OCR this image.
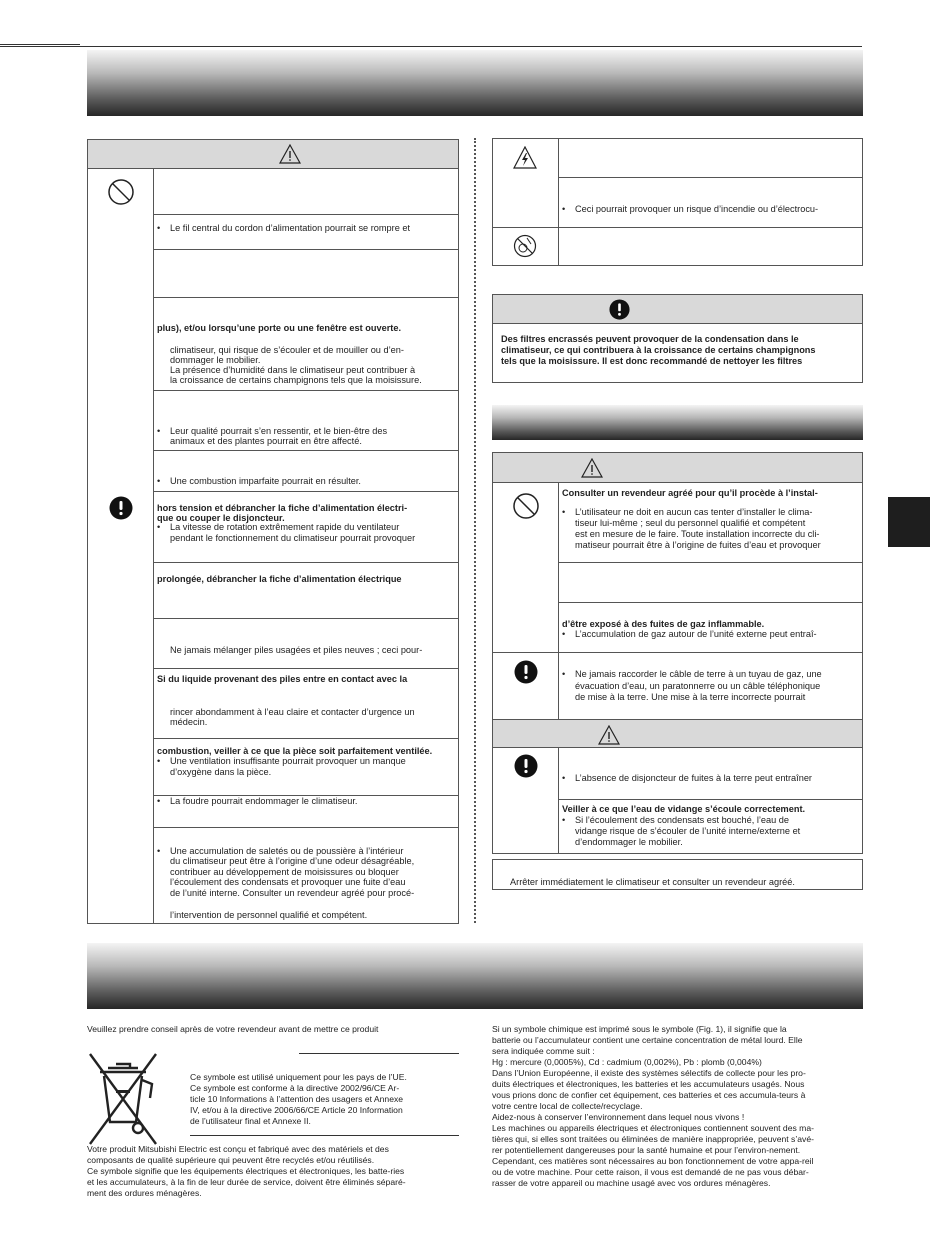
• Le fil central du cordon d’alimentation pourrait se rompre et
plus), et/ou lorsqu’une porte ou une fenêtre est ouverte.
climatiseur, qui risque de s’écouler et de mouiller ou d’en-
dommager le mobilier.
La présence d’humidité dans le climatiseur peut contribuer à
la croissance de certains champignons tels que la moisissure.
• Leur qualité pourrait s’en ressentir, et le bien-être des
animaux et des plantes pourrait en être affecté.
• Une combustion imparfaite pourrait en résulter.
hors tension et débrancher la fiche d’alimentation électri-
que ou couper le disjoncteur.
• La vitesse de rotation extrêmement rapide du ventilateur
pendant le fonctionnement du climatiseur pourrait provoquer
prolongée, débrancher la fiche d’alimentation électrique
Ne jamais mélanger piles usagées et piles neuves ; ceci pour-
Si du liquide provenant des piles entre en contact avec la
rincer abondamment à l’eau claire et contacter d’urgence un
médecin.
combustion, veiller à ce que la pièce soit parfaitement ventilée.
• Une ventilation insuffisante pourrait provoquer un manque
d’oxygène dans la pièce.
• La foudre pourrait endommager le climatiseur.
• Une accumulation de saletés ou de poussière à l’intérieur
du climatiseur peut être à l’origine d’une odeur désagréable,
contribuer au développement de moisissures ou bloquer
l’écoulement des condensats et provoquer une fuite d’eau
de l’unité interne. Consulter un revendeur agréé pour procé-
l’intervention de personnel qualifié et compétent.
• Ceci pourrait provoquer un risque d’incendie ou d’électrocu-
Des filtres encrassés peuvent provoquer de la condensation dans le
climatiseur, ce qui contribuera à la croissance de certains champignons
tels que la moisissure. Il est donc recommandé de nettoyer les filtres
Consulter un revendeur agréé pour qu’il procède à l’instal-
• L’utilisateur ne doit en aucun cas tenter d’installer le clima-
tiseur lui-même ; seul du personnel qualifié et compétent
est en mesure de le faire. Toute installation incorrecte du cli-
matiseur pourrait être à l’origine de fuites d’eau et provoquer
d’être exposé à des fuites de gaz inflammable.
• L’accumulation de gaz autour de l’unité externe peut entraî-
• Ne jamais raccorder le câble de terre à un tuyau de gaz, une
évacuation d’eau, un paratonnerre ou un câble téléphonique
de mise à la terre. Une mise à la terre incorrecte pourrait
• L’absence de disjoncteur de fuites à la terre peut entraîner
Veiller à ce que l’eau de vidange s’écoule correctement.
• Si l’écoulement des condensats est bouché, l’eau de
vidange risque de s’écouler de l’unité interne/externe et
d’endommager le mobilier.
Arrêter immédiatement le climatiseur et consulter un revendeur agréé.
Veuillez prendre conseil après de votre revendeur avant de mettre ce produit
Ce symbole est utilisé uniquement pour les pays de l’UE.
Ce symbole est conforme à la directive 2002/96/CE Ar-
ticle 10 Informations à l’attention des usagers et Annexe
IV, et/ou à la directive 2006/66/CE Article 20 Information
de l’utilisateur final et Annexe II.
Votre produit Mitsubishi Electric est conçu et fabriqué avec des matériels et des
composants de qualité supérieure qui peuvent être recyclés et/ou réutilisés.
Ce symbole signifie que les équipements électriques et électroniques, les batte-ries
et les accumulateurs, à la fin de leur durée de service, doivent être éliminés séparé-
ment des ordures ménagères.
Si un symbole chimique est imprimé sous le symbole (Fig. 1), il signifie que la
batterie ou l’accumulateur contient une certaine concentration de métal lourd. Elle
sera indiquée comme suit :
Hg : mercure (0,0005%), Cd : cadmium (0,002%), Pb : plomb (0,004%)
Dans l’Union Européenne, il existe des systèmes sélectifs de collecte pour les pro-
duits électriques et électroniques, les batteries et les accumulateurs usagés. Nous
vous prions donc de confier cet équipement, ces batteries et ces accumula-teurs à
votre centre local de collecte/recyclage.
Aidez-nous à conserver l’environnement dans lequel nous vivons !
Les machines ou appareils électriques et électroniques contiennent souvent des ma-
tières qui, si elles sont traitées ou éliminées de manière inappropriée, peuvent s’avé-
rer potentiellement dangereuses pour la santé humaine et pour l’environ-nement.
Cependant, ces matières sont nécessaires au bon fonctionnement de votre appa-reil
ou de votre machine. Pour cette raison, il vous est demandé de ne pas vous débar-
rasser de votre appareil ou machine usagé avec vos ordures ménagères.
